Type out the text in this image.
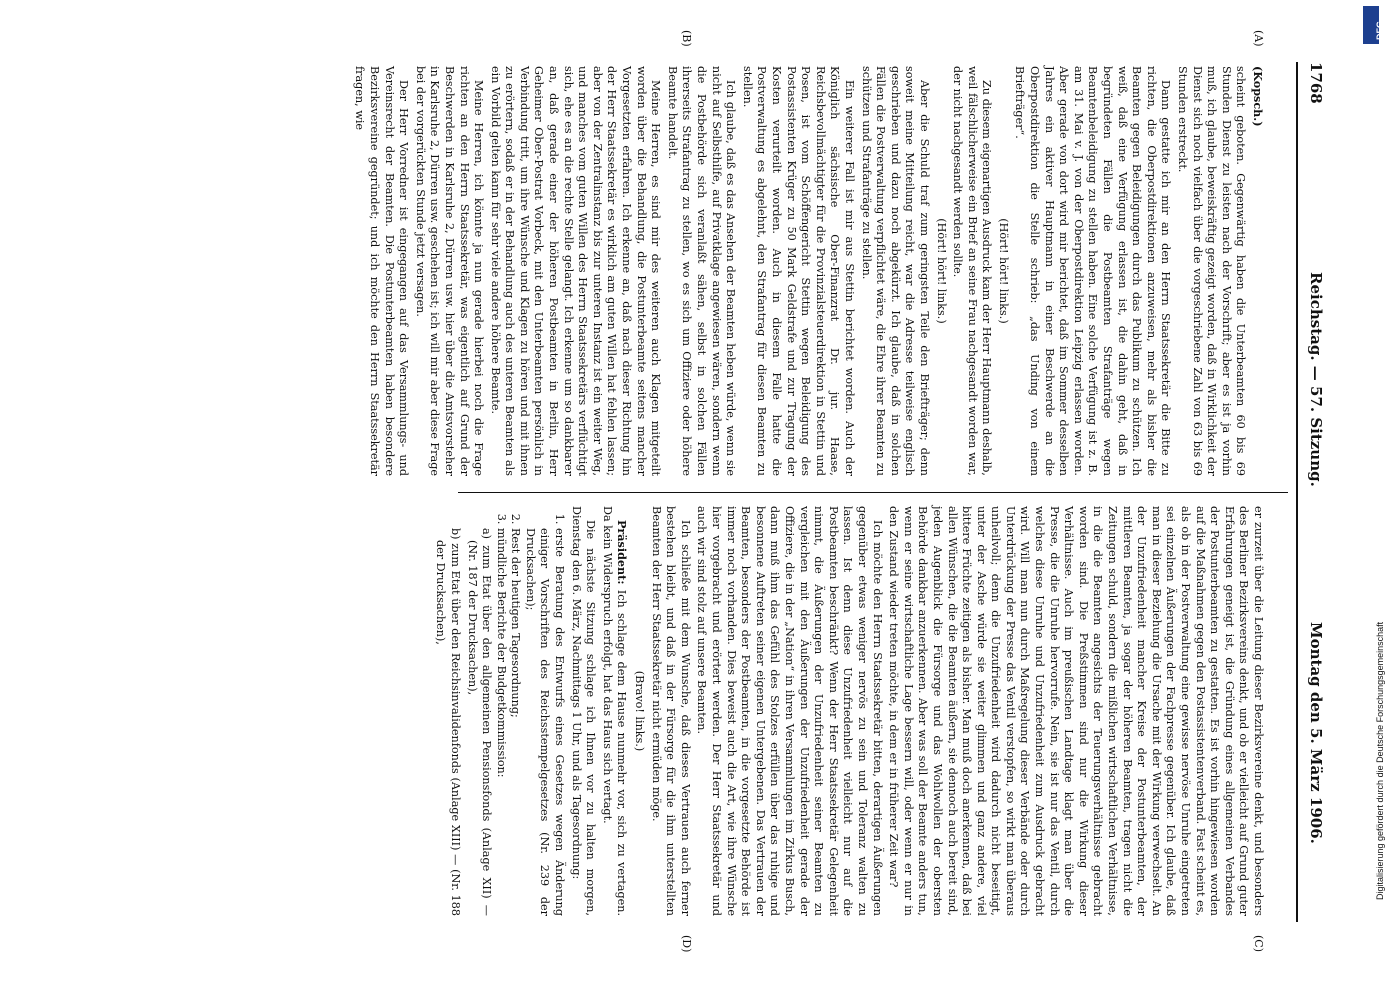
1768
Reichstag. — 57. Sitzung.
Montag den 5. März 1906.
(A)
(B)
(C)
(D)

(Kopsch.)

scheint geboten. Gegenwärtig haben die Unterbeamten 60 bis 69 Stunden Dienst zu leisten nach der Vorschrift; aber es ist ja vorhin muß, ich glaube, beweiskräftig gezeigt worden, daß in Wirklichkeit der Dienst sich noch vielfach über die vorgeschriebene Zahl von 63 bis 69 Stunden erstreckt.

Dann gestatte ich mir an den Herrn Staatssekretär die Bitte zu richten, die Oberpostdirektionen anzuweisen, mehr als bisher die Beamten gegen Beleidigungen durch das Publikum zu schützen. Ich weiß, daß eine Verfügung erlassen ist, die dahin geht, daß in begründeten Fällen die Postbeamten Strafanträge wegen Beamtenbeleidigung zu stellen haben. Eine solche Verfügung ist z. B. am 31. Mai v. J. von der Oberpostdirektion Leipzig erlassen worden. Aber gerade von dort wird mir berichtet, daß im Sommer desselben Jahres ein aktiver Hauptmann in einer Beschwerde an die Oberpostdirektion die Stelle schrieb: „das Unding von einem Briefträger“.

(Hört! hört! links.)

Zu diesem eigenartigen Ausdruck kam der Herr Hauptmann deshalb, weil fälschlicherweise ein Brief an seine Frau nachgesandt worden war, der nicht nachgesandt werden sollte.

(Hört! hört! links.)

Aber die Schuld traf zum geringsten Teile den Briefträger; denn soweit meine Mitteilung reicht, war die Adresse teilweise englisch geschrieben und dazu noch abgekürzt. Ich glaube, daß in solchen Fällen die Postverwaltung verpflichtet wäre, die Ehre ihrer Beamten zu schützen und Strafanträge zu stellen.

Ein weiterer Fall ist mir aus Stettin berichtet worden. Auch der Königlich sächsische Ober-Finanzrat Dr. jur. Haase, Reichsbevollmächtigter für die Provinzialsteuerdirektion in Stettin und Posen, ist vom Schöffengericht Stettin wegen Beleidigung des Postassistenten Krüger zu 50 Mark Geldstrafe und zur Tragung der Kosten verurteilt worden. Auch in diesem Falle hatte die Postverwaltung es abgelehnt, den Strafantrag für diesen Beamten zu stellen.

Ich glaube, daß es das Ansehen der Beamten heben würde, wenn sie nicht auf Selbsthilfe, auf Privatklage angewiesen wären, sondern wenn die Postbehörde sich veranlaßt sähen, selbst in solchen Fällen ihrerseits Strafantrag zu stellen, wo es sich um Offiziere oder höhere Beamte handelt.

Meine Herren, es sind mir des weiteren auch Klagen mitgeteilt worden über die Behandlung, die Postunterbeamte seitens mancher Vorgesetzten erfahren. Ich erkenne an, daß nach dieser Richtung hin der Herr Staatssekretär es wirklich am guten Willen hat fehlen lassen; aber von der Zentralinstanz bis zur unteren Instanz ist ein weiter Weg, und manches vom guten Willen des Herrn Staatssekretärs verflüchtigt sich, ehe es an die rechte Stelle gelangt. Ich erkenne um so dankbarer an, daß gerade einer der höheren Postbeamten in Berlin, Herr Geheimer Ober-Postrat Vorbeck, mit den Unterbeamten persönlich in Verbindung tritt, um ihre Wünsche und Klagen zu hören und mit ihnen zu erörtern, sodaß er in der Behandlung auch des unteren Beamten als ein Vorbild gelten kann für sehr viele andere höhere Beamte.

Meine Herren, ich könnte ja nun gerade hierbei noch die Frage richten an den Herrn Staatssekretär, was eigentlich auf Grund der Beschwerden in Karlsruhe 2, Dürren usw. hier über die Amtsvorsteher in Karlsruhe 2, Dürren usw. geschehen ist; ich will mir aber diese Frage bei der vorgerückten Stunde jetzt versagen.

Der Herr Vorredner ist eingegangen auf das Versammlungs- und Vereinsrecht der Beamten. Die Postunterbeamten haben besondere Bezirksvereine gegründet; und ich möchte den Herrn Staatssekretär fragen, wie

er zurzeit über die Leitung dieser Bezirksvereine denkt, und besonders des Berliner Bezirksvereins denkt, und ob er vielleicht auf Grund guter Erfahrungen geneigt ist, die Gründung eines allgemeinen Verbandes der Postunterbeamten zu gestatten. Es ist vorhin hingewiesen worden auf die Maßnahmen gegen den Postassistentenverband. Fast scheint es, als ob in der Postverwaltung eine gewisse nervöse Unruhe eingetreten sei einzelnen Äußerungen der Fachpresse gegenüber. Ich glaube, daß man in dieser Beziehung die Ursache mit der Wirkung verwechselt. An der Unzufriedenheit mancher Kreise der Postunterbeamten, der mittleren Beamten, ja sogar der höheren Beamten, tragen nicht die Zeitungen schuld, sondern die mißlichen wirtschaftlichen Verhältnisse, in die die Beamten angesichts der Teuerungsverhältnisse gebracht worden sind. Die Preßstimmen sind nur die Wirkung dieser Verhältnisse. Auch im preußischen Landtage klagt man über die Presse, die die Unruhe hervorrufe. Nein, sie ist nur das Ventil, durch welches diese Unruhe und Unzufriedenheit zum Ausdruck gebracht wird. Will man nun durch Maßregelung dieser Verbände oder durch Unterdrückung der Presse das Ventil verstopfen, so wirkt man überaus unheilvoll; denn die Unzufriedenheit wird dadurch nicht beseitigt, unter der Asche würde sie weiter glimmen und ganz andere, viel bittere Früchte zeitigen als bisher. Man muß doch anerkennen, daß bei allen Wünschen, die die Beamten äußern, sie dennoch auch bereit sind, jeden Augenblick die Fürsorge und das Wohlwollen der obersten Behörde dankbar anzuerkennen. Aber was soll der Beamte anders tun, wenn er seine wirtschaftliche Lage bessern will, oder wenn er nur in den Zustand wieder treten möchte, in dem er in früherer Zeit war?

Ich möchte den Herrn Staatssekretär bitten, derartigen Äußerungen gegenüber etwas weniger nervös zu sein und Toleranz walten zu lassen. Ist denn diese Unzufriedenheit vielleicht nur auf die Postbeamten beschränkt? Wenn der Herr Staatssekretär Gelegenheit nimmt, die Äußerungen der Unzufriedenheit seiner Beamten zu vergleichen mit den Äußerungen der Unzufriedenheit gerade der Offiziere, die in der „Nation“ in ihren Versammlungen im Zirkus Busch, dann muß ihm das Gefühl des Stolzes erfüllen über das ruhige und besonnene Auftreten seiner eigenen Untergebenen. Das Vertrauen der Beamten, besonders der Postbeamten, in die vorgesetzte Behörde ist immer noch vorhanden. Dies beweist auch die Art, wie ihre Wünsche hier vorgebracht und erörtert werden. Der Herr Staatssekretär und auch wir sind stolz auf unsere Beamten.

Ich schließe mit dem Wunsche, daß dieses Vertrauen auch ferner bestehen bleibt, und daß in der Fürsorge für die ihm unterstellten Beamten der Herr Staatssekretär nicht ermüden möge.

(Bravo! links.)

Präsident: Ich schlage dem Hause nunmehr vor, sich zu vertagen. Da kein Widerspruch erfolgt, hat das Haus sich vertagt.

Die nächste Sitzung schlage ich Ihnen vor zu halten morgen, Dienstag den 6. März, Nachmittags 1 Uhr, und als Tagesordnung:

1. erste Beratung des Entwurfs eines Gesetzes wegen Änderung einiger Vorschriften des Reichsstempelgesetzes (Nr. 239 der Drucksachen);
2. Rest der heutigen Tagesordnung;
3. mündliche Berichte der Budgetkommission:

a) zum Etat über den allgemeinen Pensionsfonds (Anlage XII) — (Nr. 187 der Drucksachen),

b) zum Etat über den Reichsinvalidenfonds (Anlage XIII) — (Nr. 188 der Drucksachen),

DFG
Digitalisierung gefördert durch die Deutsche Forschungsgemeinschaft
